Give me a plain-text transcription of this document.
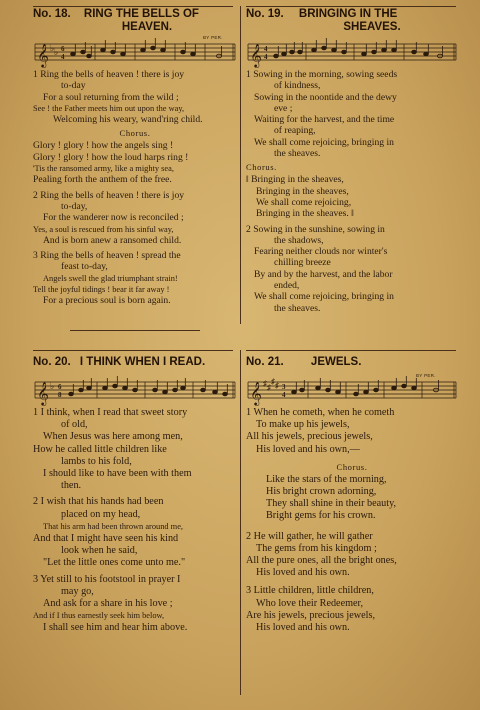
No. 18. RING THE BELLS OF
HEAVEN.
BY PER.
𝄞 ♭ ♭ 6
4
1 Ring the bells of heaven ! there is joy
to-day
For a soul returning from the wild ;
See ! the Father meets him out upon the way,
Welcoming his weary, wand'ring child.
Chorus.
Glory ! glory ! how the angels sing !
Glory ! glory ! how the loud harps ring !
'Tis the ransomed army, like a mighty sea,
Pealing forth the anthem of the free.
2 Ring the bells of heaven ! there is joy
to-day,
For the wanderer now is reconciled ;
Yes, a soul is rescued from his sinful way,
And is born anew a ransomed child.
3 Ring the bells of heaven ! spread the
feast to-day,
Angels swell the glad triumphant strain!
Tell the joyful tidings ! bear it far away !
For a precious soul is born again.
No. 19. BRINGING IN THE
SHEAVES.
𝄞 4
4
1 Sowing in the morning, sowing seeds
of kindness,
Sowing in the noontide and the dewy
eve ;
Waiting for the harvest, and the time
of reaping,
We shall come rejoicing, bringing in
the sheaves.
Chorus.
‖ Bringing in the sheaves,
Bringing in the sheaves,
We shall come rejoicing,
Bringing in the sheaves. ‖
2 Sowing in the sunshine, sowing in
the shadows,
Fearing neither clouds nor winter's
chilling breeze
By and by the harvest, and the labor
ended,
We shall come rejoicing, bringing in
the sheaves.
No. 20. I THINK WHEN I READ.
𝄞 ♭ 6
8
1 I think, when I read that sweet story
of old,
When Jesus was here among men,
How he called little children like
lambs to his fold,
I should like to have been with them
then.
2 I wish that his hands had been
placed on my head,
That his arm had been thrown around me,
And that I might have seen his kind
look when he said,
"Let the little ones come unto me."
3 Yet still to his footstool in prayer I
may go,
And ask for a share in his love ;
And if I thus earnestly seek him below,
I shall see him and hear him above.
No. 21. JEWELS.
BY PER.
𝄞 ♯ ♯
♯ ♯ 3
4
1 When he cometh, when he cometh
To make up his jewels,
All his jewels, precious jewels,
His loved and his own,—
Chorus.
Like the stars of the morning,
His bright crown adorning,
They shall shine in their beauty,
Bright gems for his crown.
2 He will gather, he will gather
The gems from his kingdom ;
All the pure ones, all the bright ones,
His loved and his own.
3 Little children, little children,
Who love their Redeemer,
Are his jewels, precious jewels,
His loved and his own.
